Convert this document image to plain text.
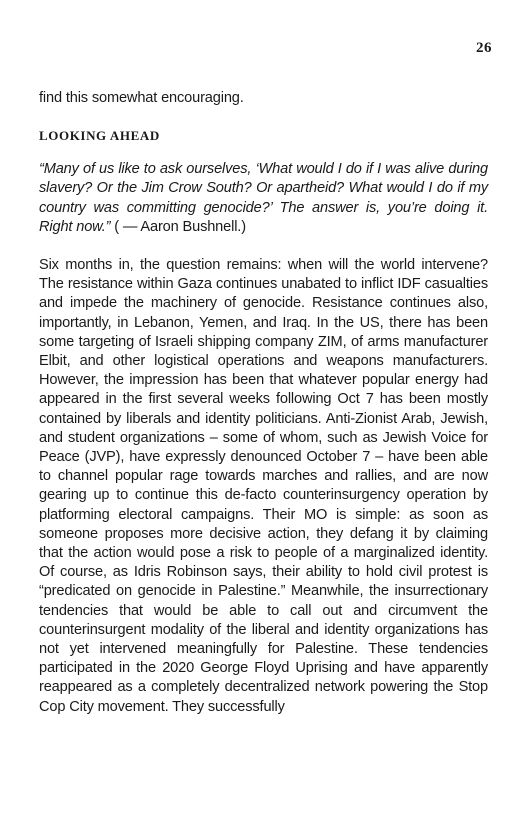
26

find this somewhat encouraging.

LOOKING AHEAD

“Many of us like to ask ourselves, ‘What would I do if I was alive during slavery? Or the Jim Crow South? Or apartheid? What would I do if my country was committing genocide?’ The answer is, you’re doing it. Right now.” ( — Aaron Bushnell.)

Six months in, the question remains: when will the world intervene? The resistance within Gaza continues unabated to inflict IDF casualties and impede the machinery of genocide. Resistance continues also, importantly, in Lebanon, Yemen, and Iraq. In the US, there has been some targeting of Israeli shipping company ZIM, of arms manufacturer Elbit, and other logistical operations and weapons manufacturers. However, the impression has been that whatever popular energy had appeared in the first several weeks following Oct 7 has been mostly contained by liberals and identity politicians. Anti-Zionist Arab, Jewish, and student organizations – some of whom, such as Jewish Voice for Peace (JVP), have expressly denounced October 7 – have been able to channel popular rage towards marches and rallies, and are now gearing up to continue this de-facto counterinsurgency operation by platforming electoral campaigns. Their MO is simple: as soon as someone proposes more decisive action, they defang it by claiming that the action would pose a risk to people of a marginalized identity. Of course, as Idris Robinson says, their ability to hold civil protest is “predicated on genocide in Palestine.” Meanwhile, the insurrectionary tendencies that would be able to call out and circumvent the counterinsurgent modality of the liberal and identity organizations has not yet intervened meaningfully for Palestine. These tendencies participated in the 2020 George Floyd Uprising and have apparently reappeared as a completely decentralized network powering the Stop Cop City movement. They successfully
